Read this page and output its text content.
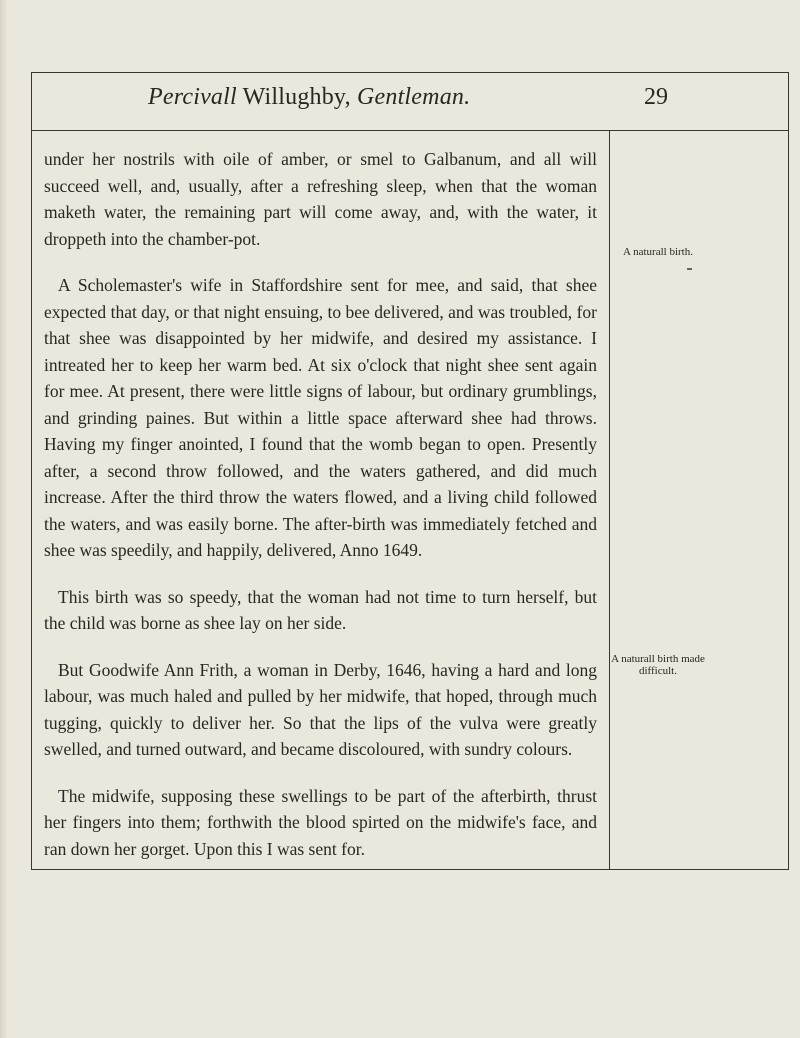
Percivall Willughby, Gentleman.	29

under her nostrils with oile of amber, or smel to Galbanum, and all will succeed well, and, usually, after a refreshing sleep, when that the woman maketh water, the remaining part will come away, and, with the water, it droppeth into the chamber-pot.

A Scholemaster's wife in Staffordshire sent for mee, and said, that shee expected that day, or that night ensuing, to bee delivered, and was troubled, for that shee was disappointed by her midwife, and desired my assistance. I intreated her to keep her warm bed. At six o'clock that night shee sent again for mee. At present, there were little signs of labour, but ordinary grumblings, and grinding paines. But within a little space afterward shee had throws. Having my finger anointed, I found that the womb began to open. Presently after, a second throw followed, and the waters gathered, and did much increase. After the third throw the waters flowed, and a living child followed the waters, and was easily borne. The after-birth was immediately fetched and shee was speedily, and happily, delivered, Anno 1649.

This birth was so speedy, that the woman had not time to turn herself, but the child was borne as shee lay on her side.

But Goodwife Ann Frith, a woman in Derby, 1646, having a hard and long labour, was much haled and pulled by her midwife, that hoped, through much tugging, quickly to deliver her. So that the lips of the vulva were greatly swelled, and turned outward, and became discoloured, with sundry colours.

The midwife, supposing these swellings to be part of the afterbirth, thrust her fingers into them; forthwith the blood spirted on the midwife's face, and ran down her gorget. Upon this I was sent for.

A naturall birth.
A naturall birth made difficult.
